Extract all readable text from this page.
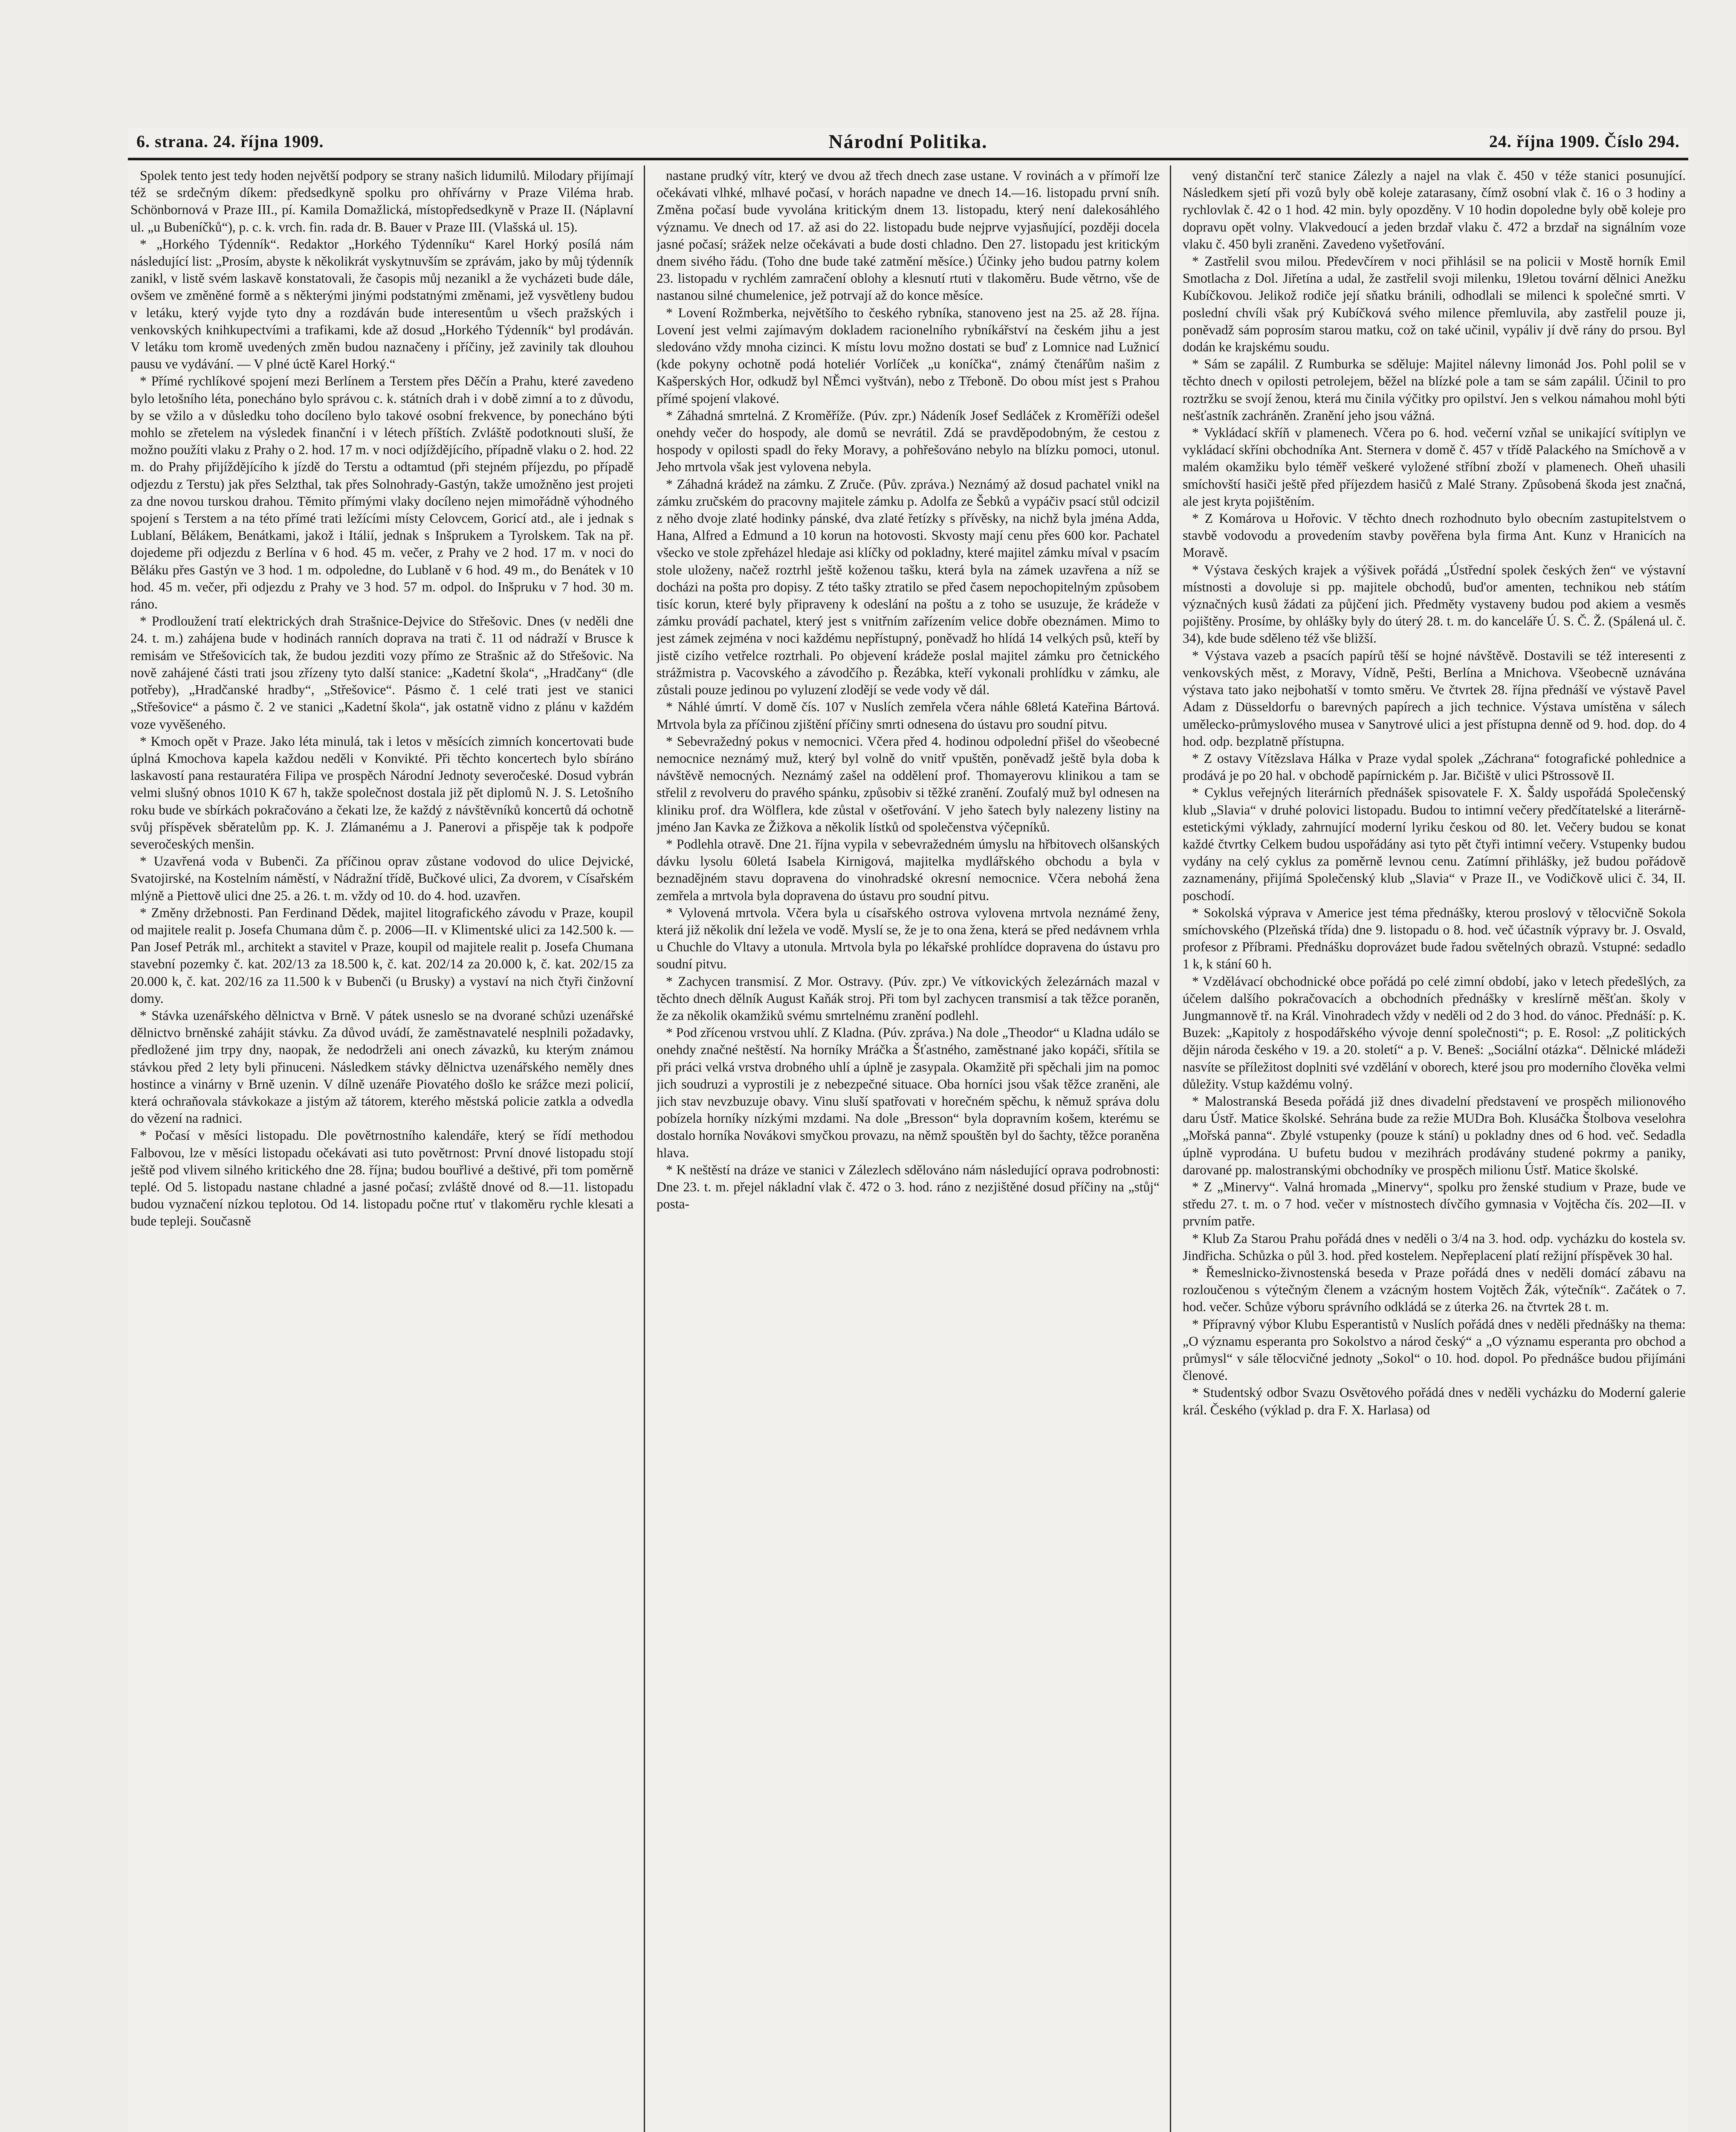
6. strana. 24. října 1909.	Národní Politika.	24. října 1909. Číslo 294.

Spolek tento jest tedy hoden největší podpory se strany našich lidumilů. Milodary přijímají též se srdečným díkem: předsedkyně spolku pro ohřívárny v Praze Viléma hrab. Schönbornová v Praze III., pí. Kamila Domažlická, místopředsedkyně v Praze II. (Náplavní ul. „u Bubeníčků“), p. c. k. vrch. fin. rada dr. B. Bauer v Praze III. (Vlašská ul. 15).

* „Horkého Týdenník“. Redaktor „Horkého Týdenníku“ Karel Horký posílá nám následující list: „Prosím, abyste k několikrát vyskytnuvším se zprávám, jako by můj týdenník zanikl, v listě svém laskavě konstatovali, že časopis můj nezanikl a že vycházeti bude dále, ovšem ve změněné formě a s některými jinými podstatnými změnami, jež vysvětleny budou v letáku, který vyjde tyto dny a rozdáván bude interesentům u všech pražských i venkovských knihkupectvími a trafikami, kde až dosud „Horkého Týdenník“ byl prodáván. V letáku tom kromě uvedených změn budou naznačeny i příčiny, jež zavinily tak dlouhou pausu ve vydávání. — V plné úctě Karel Horký.“

* Přímé rychlíkové spojení mezi Berlínem a Terstem přes Děčín a Prahu, které zavedeno bylo letošního léta, ponecháno bylo správou c. k. státních drah i v době zimní a to z důvodu, by se vžilo a v důsledku toho docíleno bylo takové osobní frekvence, by ponecháno býti mohlo se zřetelem na výsledek finanční i v létech příštích. Zvláště podotknouti sluší, že možno použíti vlaku z Prahy o 2. hod. 17 m. v noci odjíždějícího, případně vlaku o 2. hod. 22 m. do Prahy přijíždějícího k jízdě do Terstu a odtamtud (při stejném příjezdu, po případě odjezdu z Terstu) jak přes Selzthal, tak přes Solnohrady-Gastýn, takže umožněno jest projeti za dne novou turskou drahou. Těmito přímými vlaky docíleno nejen mimořádně výhodného spojení s Terstem a na této přímé trati ležícími místy Celovcem, Goricí atd., ale i jednak s Lublaní, Bělákem, Benátkami, jakož i Itálií, jednak s Inšprukem a Tyrolskem. Tak na př. dojedeme při odjezdu z Berlína v 6 hod. 45 m. večer, z Prahy ve 2 hod. 17 m. v noci do Běláku přes Gastýn ve 3 hod. 1 m. odpoledne, do Lublaně v 6 hod. 49 m., do Benátek v 10 hod. 45 m. večer, při odjezdu z Prahy ve 3 hod. 57 m. odpol. do Inšpruku v 7 hod. 30 m. ráno.

* Prodloužení tratí elektrických drah Strašnice-Dejvice do Střešovic. Dnes (v neděli dne 24. t. m.) zahájena bude v hodinách ranních doprava na trati č. 11 od nádraží v Brusce k remisám ve Střešovicích tak, že budou jezditi vozy přímo ze Strašnic až do Střešovic. Na nově zahájené části trati jsou zřízeny tyto další stanice: „Kadetní škola“, „Hradčany“ (dle potřeby), „Hradčanské hradby“, „Střešovice“. Pásmo č. 1 celé trati jest ve stanici „Střešovice“ a pásmo č. 2 ve stanici „Kadetní škola“, jak ostatně vidno z plánu v každém voze vyvěšeného.

* Kmoch opět v Praze. Jako léta minulá, tak i letos v měsících zimních koncertovati bude úplná Kmochova kapela každou neděli v Konvikté. Při těchto koncertech bylo sbíráno laskavostí pana restauratéra Filipa ve prospěch Národní Jednoty severočeské. Dosud vybrán velmi slušný obnos 1010 K 67 h, takže společnost dostala již pět diplomů N. J. S. Letošního roku bude ve sbírkách pokračováno a čekati lze, že každý z návštěvníků koncertů dá ochotně svůj příspěvek sběratelům pp. K. J. Zlámanému a J. Panerovi a přispěje tak k podpoře severočeských menšin.

* Uzavřená voda v Bubenči. Za příčinou oprav zůstane vodovod do ulice Dejvické, Svatojirské, na Kostelním náměstí, v Nádražní třídě, Bučkové ulici, Za dvorem, v Císařském mlýně a Piettově ulici dne 25. a 26. t. m. vždy od 10. do 4. hod. uzavřen.

* Změny držebnosti. Pan Ferdinand Dědek, majitel litografického závodu v Praze, koupil od majitele realit p. Josefa Chumana dům č. p. 2006—II. v Klimentské ulici za 142.500 k. — Pan Josef Petrák ml., architekt a stavitel v Praze, koupil od majitele realit p. Josefa Chumana stavební pozemky č. kat. 202/13 za 18.500 k, č. kat. 202/14 za 20.000 k, č. kat. 202/15 za 20.000 k, č. kat. 202/16 za 11.500 k v Bubenči (u Brusky) a vystaví na nich čtyři činžovní domy.

* Stávka uzenářského dělnictva v Brně. V pátek usneslo se na dvorané schůzi uzenářské dělnictvo brněnské zahájit stávku. Za důvod uvádí, že zaměstnavatelé nesplnili požadavky, předložené jim trpy dny, naopak, že nedodrželi ani onech závazků, ku kterým známou stávkou před 2 lety byli přinuceni. Následkem stávky dělnictva uzenářského neměly dnes hostince a vinárny v Brně uzenin. V dílně uzenáře Piovatého došlo ke srážce mezi policií, která ochraňovala stávkokaze a jistým až tátorem, kterého městská policie zatkla a odvedla do vězení na radnici.

* Počasí v měsíci listopadu. Dle povětrnostního kalendáře, který se řídí methodou Falbovou, lze v měsíci listopadu očekávati asi tuto povětrnost: První dnové listopadu stojí ještě pod vlivem silného kritického dne 28. října; budou bouřlivé a deštivé, při tom poměrně teplé. Od 5. listopadu nastane chladné a jasné počasí; zvláště dnové od 8.—11. listopadu budou vyznačení nízkou teplotou. Od 14. listopadu počne rtuť v tlakoměru rychle klesati a bude tepleji. Současně

nastane prudký vítr, který ve dvou až třech dnech zase ustane. V rovinách a v přímoří lze očekávati vlhké, mlhavé počasí, v horách napadne ve dnech 14.—16. listopadu první sníh. Změna počasí bude vyvolána kritickým dnem 13. listopadu, který není dalekosáhlého významu. Ve dnech od 17. až asi do 22. listopadu bude nejprve vyjasňující, později docela jasné počasí; srážek nelze očekávati a bude dosti chladno. Den 27. listopadu jest kritickým dnem sivého řádu. (Toho dne bude také zatmění měsíce.) Účinky jeho budou patrny kolem 23. listopadu v rychlém zamračení oblohy a klesnutí rtuti v tlakoměru. Bude větrno, vše de nastanou silné chumelenice, jež potrvají až do konce měsíce.

* Lovení Rožmberka, největšího to českého rybníka, stanoveno jest na 25. až 28. října. Lovení jest velmi zajímavým dokladem racionelního rybníkářství na českém jihu a jest sledováno vždy mnoha cizinci. K místu lovu možno dostati se buď z Lomnice nad Lužnicí (kde pokyny ochotně podá hoteliér Vorlíček „u koníčka“, známý čtenářům našim z Kašperských Hor, odkudž byl NĚmci vyštván), nebo z Třeboně. Do obou míst jest s Prahou přímé spojení vlakové.

* Záhadná smrtelná. Z Kroměříže. (Púv. zpr.) Nádeník Josef Sedláček z Kroměříži odešel onehdy večer do hospody, ale domů se nevrátil. Zdá se pravděpodobným, že cestou z hospody v opilosti spadl do řeky Moravy, a pohřešováno nebylo na blízku pomoci, utonul. Jeho mrtvola však jest vylovena nebyla.

* Záhadná krádež na zámku. Z Zruče. (Pův. zpráva.) Neznámý až dosud pachatel vnikl na zámku zručském do pracovny majitele zámku p. Adolfa ze Šebků a vypáčiv psací stůl odcizil z něho dvoje zlaté hodinky pánské, dva zlaté řetízky s přívěsky, na nichž byla jména Adda, Hana, Alfred a Edmund a 10 korun na hotovosti. Skvosty mají cenu přes 600 kor. Pachatel všecko ve stole zpřeházel hledaje asi klíčky od pokladny, které majitel zámku míval v psacím stole uloženy, načež roztrhl ještě koženou tašku, která byla na zámek uzavřena a níž se docházi na pošta pro dopisy. Z této tašky ztratilo se před časem nepochopitelným způsobem tisíc korun, které byly připraveny k odeslání na poštu a z toho se usuzuje, že krádeže v zámku provádí pachatel, který jest s vnitřním zařízením velice dobře obeznámen. Mimo to jest zámek zejména v noci každému nepřístupný, poněvadž ho hlídá 14 velkých psů, kteří by jistě cizího vetřelce roztrhali. Po objevení krádeže poslal majitel zámku pro četnického strážmistra p. Vacovského a závodčího p. Řezábka, kteří vykonali prohlídku v zámku, ale zůstali pouze jedinou po vyluzení zlodějí se vede vody vě dál.

* Náhlé úmrtí. V domě čís. 107 v Nuslích zemřela včera náhle 68letá Kateřina Bártová. Mrtvola byla za příčinou zjištění příčiny smrti odnesena do ústavu pro soudní pitvu.

* Sebevražedný pokus v nemocnici. Včera před 4. hodinou odpolední přišel do všeobecné nemocnice neznámý muž, který byl volně do vnitř vpuštěn, poněvadž ještě byla doba k návštěvě nemocných. Neznámý zašel na oddělení prof. Thomayerovu klinikou a tam se střelil z revolveru do pravého spánku, způsobiv si těžké zranění. Zoufalý muž byl odnesen na kliniku prof. dra Wölflera, kde zůstal v ošetřování. V jeho šatech byly nalezeny listiny na jméno Jan Kavka ze Žižkova a několik lístků od společenstva výčepníků.

* Podlehla otravě. Dne 21. října vypila v sebevražedném úmyslu na hřbitovech olšanských dávku lysolu 60letá Isabela Kirnigová, majitelka mydlářského obchodu a byla v beznadějném stavu dopravena do vinohradské okresní nemocnice. Včera nebohá žena zemřela a mrtvola byla dopravena do ústavu pro soudní pitvu.

* Vylovená mrtvola. Včera byla u císařského ostrova vylovena mrtvola neznámé ženy, která již několik dní ležela ve vodě. Myslí se, že je to ona žena, která se před nedávnem vrhla u Chuchle do Vltavy a utonula. Mrtvola byla po lékařské prohlídce dopravena do ústavu pro soudní pitvu.

* Zachycen transmisí. Z Mor. Ostravy. (Púv. zpr.) Ve vítkovických železárnách mazal v těchto dnech dělník August Kaňák stroj. Při tom byl zachycen transmisí a tak těžce poraněn, že za několik okamžiků svému smrtelnému zranění podlehl.

* Pod zřícenou vrstvou uhlí. Z Kladna. (Púv. zpráva.) Na dole „Theodor“ u Kladna událo se onehdy značné neštěstí. Na horníky Mráčka a Šťastného, zaměstnané jako kopáči, sřítila se při práci velká vrstva drobného uhlí a úplně je zasypala. Okamžitě při spěchali jim na pomoc jich soudruzi a vyprostili je z nebezpečné situace. Oba horníci jsou však těžce zraněni, ale jich stav nevzbuzuje obavy. Vinu sluší spatřovati v horečném spěchu, k němuž správa dolu pobízela horníky nízkými mzdami. Na dole „Bresson“ byla dopravním košem, kterému se dostalo horníka Novákovi smyčkou provazu, na němž spouštěn byl do šachty, těžce poraněna hlava.

* K neštěstí na dráze ve stanici v Zálezlech sdělováno nám následující oprava podrobnosti: Dne 23. t. m. přejel nákladní vlak č. 472 o 3. hod. ráno z nezjištěné dosud příčiny na „stůj“ posta-

vený distanční terč stanice Zálezly a najel na vlak č. 450 v téže stanici posunující. Následkem sjetí při vozů byly obě koleje zatarasany, čímž osobní vlak č. 16 o 3 hodiny a rychlovlak č. 42 o 1 hod. 42 min. byly opozděny. V 10 hodin dopoledne byly obě koleje pro dopravu opět volny. Vlakvedoucí a jeden brzdař vlaku č. 472 a brzdař na signálním voze vlaku č. 450 byli zraněni. Zavedeno vyšetřování.

* Zastřelil svou milou. Předevčírem v noci přihlásil se na policii v Mostě horník Emil Smotlacha z Dol. Jiřetína a udal, že zastřelil svoji milenku, 19letou tovární dělnici Anežku Kubíčkovou. Jelikož rodiče její sňatku bránili, odhodlali se milenci k společné smrti. V poslední chvíli však prý Kubíčková svého milence přemluvila, aby zastřelil pouze ji, poněvadž sám poprosím starou matku, což on také učinil, vypáliv jí dvě rány do prsou. Byl dodán ke krajskému soudu.

* Sám se zapálil. Z Rumburka se sděluje: Majitel nálevny limonád Jos. Pohl polil se v těchto dnech v opilosti petrolejem, běžel na blízké pole a tam se sám zapálil. Účinil to pro roztržku se svojí ženou, která mu činila výčitky pro opilství. Jen s velkou námahou mohl býti nešťastník zachráněn. Zranění jeho jsou vážná.

* Vykládací skříň v plamenech. Včera po 6. hod. večerní vzňal se unikající svítiplyn ve vykládací skříni obchodníka Ant. Sternera v domě č. 457 v třídě Palackého na Smíchově a v malém okamžiku bylo téměř veškeré vyložené stříbní zboží v plamenech. Oheň uhasili smíchovští hasiči ještě před příjezdem hasičů z Malé Strany. Způsobená škoda jest značná, ale jest kryta pojištěním.

* Z Komárova u Hořovic. V těchto dnech rozhodnuto bylo obecním zastupitelstvem o stavbě vodovodu a provedením stavby pověřena byla firma Ant. Kunz v Hranicích na Moravě.

* Výstava českých krajek a výšivek pořádá „Ústřední spolek českých žen“ ve výstavní místnosti a dovoluje si pp. majitele obchodů, bud'or amenten, technikou neb státím význačných kusů žádati za půjčení jich. Předměty vystaveny budou pod akiem a vesměs pojištěny. Prosíme, by ohlášky byly do úterý 28. t. m. do kanceláře Ú. S. Č. Ž. (Spálená ul. č. 34), kde bude sděleno též vše bližší.

* Výstava vazeb a psacích papírů těší se hojné návštěvě. Dostavili se též interesenti z venkovských měst, z Moravy, Vídně, Pešti, Berlína a Mnichova. Všeobecně uznávána výstava tato jako nejbohatší v tomto směru. Ve čtvrtek 28. října přednáší ve výstavě Pavel Adam z Düsseldorfu o barevných papírech a jich technice. Výstava umístěna v sálech umělecko-průmyslového musea v Sanytrové ulici a jest přístupna denně od 9. hod. dop. do 4 hod. odp. bezplatně přístupna.

* Z ostavy Vítězslava Hálka v Praze vydal spolek „Záchrana“ fotografické pohlednice a prodává je po 20 hal. v obchodě papírnickém p. Jar. Bičiště v ulici Pštrossově II.

* Cyklus veřejných literárních přednášek spisovatele F. X. Šaldy uspořádá Společenský klub „Slavia“ v druhé polovici listopadu. Budou to intimní večery předčítatelské a literárně-estetickými výklady, zahrnující moderní lyriku českou od 80. let. Večery budou se konat každé čtvrtky Celkem budou uspořádány asi tyto pět čtyři intimní večery. Vstupenky budou vydány na celý cyklus za poměrně levnou cenu. Zatímní přihlášky, jež budou pořádově zaznamenány, přijímá Společenský klub „Slavia“ v Praze II., ve Vodičkově ulici č. 34, II. poschodí.

* Sokolská výprava v Americe jest téma přednášky, kterou proslový v tělocvičně Sokola smíchovského (Plzeňská třída) dne 9. listopadu o 8. hod. več účastník výpravy br. J. Osvald, profesor z Příbrami. Přednášku doprovázet bude řadou světelných obrazů. Vstupné: sedadlo 1 k, k stání 60 h.

* Vzdělávací obchodnické obce pořádá po celé zimní období, jako v letech předešlých, za účelem dalšího pokračovacích a obchodních přednášky v kreslírně měšťan. školy v Jungmannově tř. na Král. Vinohradech vždy v neděli od 2 do 3 hod. do vánoc. Přednáší: p. K. Buzek: „Kapitoly z hospodářského vývoje denní společnosti“; p. E. Rosol: „Z politických dějin národa českého v 19. a 20. století“ a p. V. Beneš: „Sociální otázka“. Dělnické mládeži nasvíte se příležitost doplniti své vzdělání v oborech, které jsou pro moderního člověka velmi důležity. Vstup každému volný.

* Malostranská Beseda pořádá již dnes divadelní představení ve prospěch milionového daru Ústř. Matice školské. Sehrána bude za režie MUDra Boh. Klusáčka Štolbova veselohra „Mořská panna“. Zbylé vstupenky (pouze k stání) u pokladny dnes od 6 hod. več. Sedadla úplně vyprodána. U bufetu budou v mezihrách prodávány studené pokrmy a paniky, darované pp. malostranskými obchodníky ve prospěch milionu Ústř. Matice školské.

* Z „Minervy“. Valná hromada „Minervy“, spolku pro ženské studium v Praze, bude ve středu 27. t. m. o 7 hod. večer v místnostech dívčího gymnasia v Vojtěcha čís. 202—II. v prvním patře.

* Klub Za Starou Prahu pořádá dnes v neděli o 3/4 na 3. hod. odp. vycházku do kostela sv. Jindřicha. Schůzka o půl 3. hod. před kostelem. Nepřeplacení platí režijní příspěvek 30 hal.

* Řemeslnicko-živnostenská beseda v Praze pořádá dnes v neděli domácí zábavu na rozloučenou s výtečným členem a vzácným hostem Vojtěch Žák, výtečník“. Začátek o 7. hod. večer. Schůze výboru správního odkládá se z úterka 26. na čtvrtek 28 t. m.

* Přípravný výbor Klubu Esperantistů v Nuslích pořádá dnes v neděli přednášky na thema: „O významu esperanta pro Sokolstvo a národ český“ a „O významu esperanta pro obchod a průmysl“ v sále tělocvičné jednoty „Sokol“ o 10. hod. dopol. Po přednášce budou přijímáni členové.

* Studentský odbor Svazu Osvětového pořádá dnes v neděli vycházku do Moderní galerie král. Českého (výklad p. dra F. X. Harlasa) od
